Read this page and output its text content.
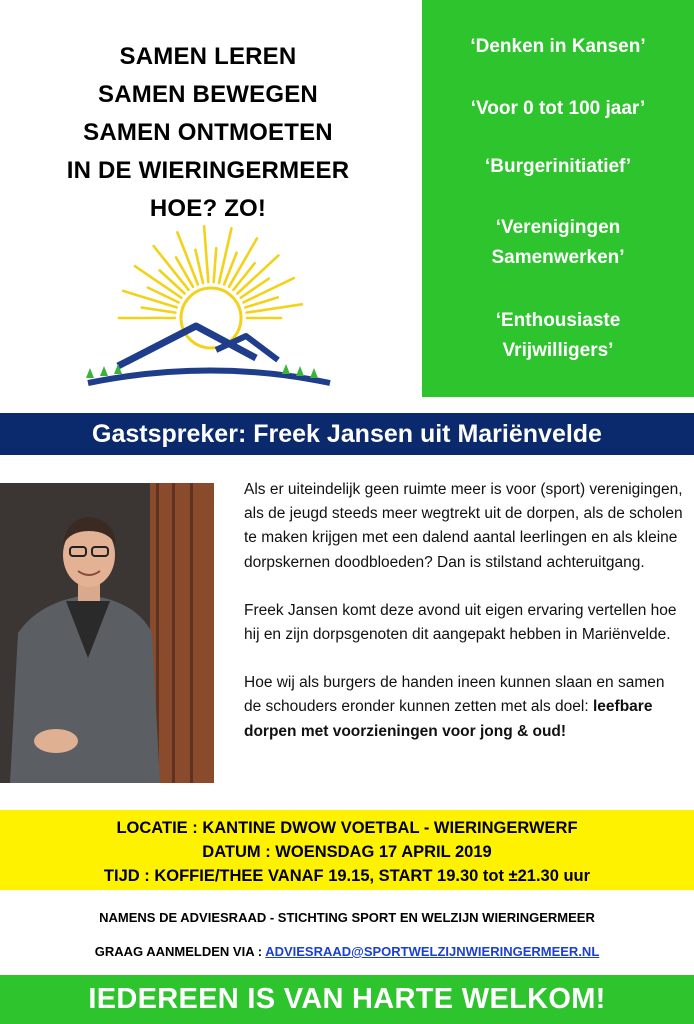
SAMEN LEREN
SAMEN BEWEGEN
SAMEN ONTMOETEN
IN DE WIERINGERMEER
HOE? ZO!
‘Denken in Kansen’
‘Voor 0 tot 100 jaar’
‘Burgerinitiatief’
‘Verenigingen
Samenwerken’
‘Enthousiaste
Vrijwilligers’
Gastspreker: Freek Jansen uit Mariënvelde

Als er uiteindelijk geen ruimte meer is voor (sport) verenigingen, als de jeugd steeds meer wegtrekt uit de dorpen, als de scholen te maken krijgen met een dalend aantal leerlingen en als kleine dorpskernen doodbloeden? Dan is stilstand achteruitgang.

Freek Jansen komt deze avond uit eigen ervaring vertellen hoe hij en zijn dorpsgenoten dit aangepakt hebben in Mariënvelde.

Hoe wij als burgers de handen ineen kunnen slaan en samen de schouders eronder kunnen zetten met als doel: leefbare dorpen met voorzieningen voor jong & oud!

LOCATIE : KANTINE DWOW VOETBAL - WIERINGERWERF
DATUM : WOENSDAG 17 APRIL 2019
TIJD : KOFFIE/THEE VANAF 19.15, START 19.30 tot ±21.30 uur
NAMENS DE ADVIESRAAD - STICHTING SPORT EN WELZIJN WIERINGERMEER
GRAAG AANMELDEN VIA : ADVIESRAAD@SPORTWELZIJNWIERINGERMEER.NL
IEDEREEN IS VAN HARTE WELKOM!
